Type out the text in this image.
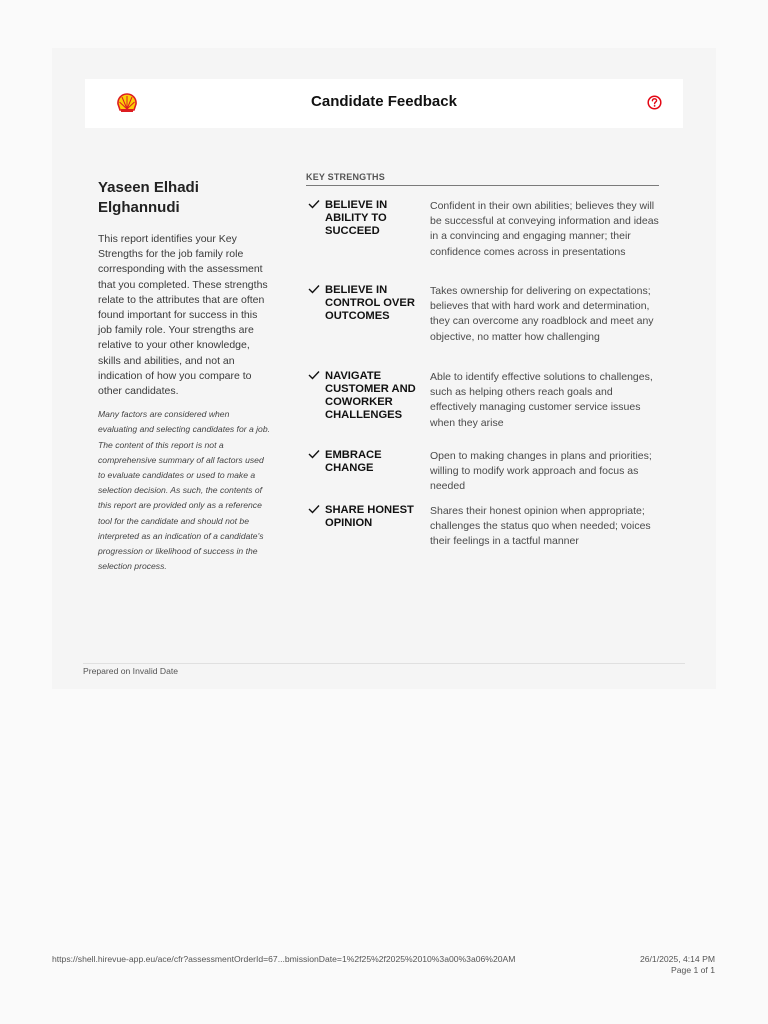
Candidate Feedback
Yaseen Elhadi Elghannudi

This report identifies your Key Strengths for the job family role corresponding with the assessment that you completed. These strengths relate to the attributes that are often found important for success in this job family role. Your strengths are relative to your other knowledge, skills and abilities, and not an indication of how you compare to other candidates.

Many factors are considered when evaluating and selecting candidates for a job. The content of this report is not a comprehensive summary of all factors used to evaluate candidates or used to make a selection decision. As such, the contents of this report are provided only as a reference tool for the candidate and should not be interpreted as an indication of a candidate's progression or likelihood of success in the selection process.

KEY STRENGTHS
BELIEVE IN ABILITY TO SUCCEED
Confident in their own abilities; believes they will be successful at conveying information and ideas in a convincing and engaging manner; their confidence comes across in presentations
BELIEVE IN CONTROL OVER OUTCOMES
Takes ownership for delivering on expectations; believes that with hard work and determination, they can overcome any roadblock and meet any objective, no matter how challenging
NAVIGATE CUSTOMER AND COWORKER CHALLENGES
Able to identify effective solutions to challenges, such as helping others reach goals and effectively managing customer service issues when they arise
EMBRACE CHANGE
Open to making changes in plans and priorities; willing to modify work approach and focus as needed
SHARE HONEST OPINION
Shares their honest opinion when appropriate; challenges the status quo when needed; voices their feelings in a tactful manner
Prepared on Invalid Date
https://shell.hirevue-app.eu/ace/cfr?assessmentOrderId=67...bmissionDate=1%2f25%2f2025%2010%3a00%3a06%20AM	26/1/2025, 4:14 PM
Page 1 of 1
